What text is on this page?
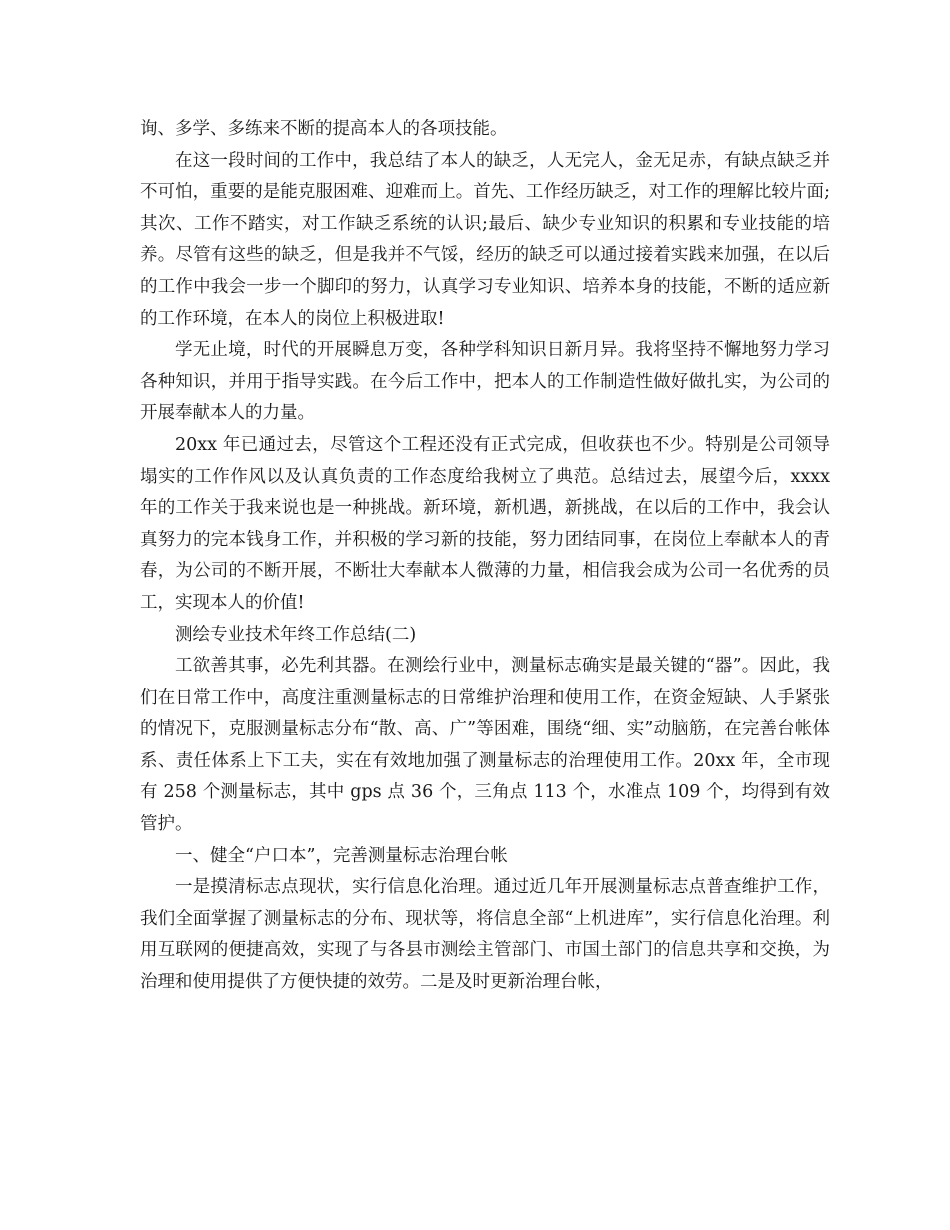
询、多学、多练来不断的提高本人的各项技能。

在这一段时间的工作中，我总结了本人的缺乏，人无完人，金无足赤，有缺点缺乏并不可怕，重要的是能克服困难、迎难而上。首先、工作经历缺乏，对工作的理解比较片面;其次、工作不踏实，对工作缺乏系统的认识;最后、缺少专业知识的积累和专业技能的培养。尽管有这些的缺乏，但是我并不气馁，经历的缺乏可以通过接着实践来加强，在以后的工作中我会一步一个脚印的努力，认真学习专业知识、培养本身的技能，不断的适应新的工作环境，在本人的岗位上积极进取!

学无止境，时代的开展瞬息万变，各种学科知识日新月异。我将坚持不懈地努力学习各种知识，并用于指导实践。在今后工作中，把本人的工作制造性做好做扎实，为公司的开展奉献本人的力量。

20xx 年已通过去，尽管这个工程还没有正式完成，但收获也不少。特别是公司领导塌实的工作作风以及认真负责的工作态度给我树立了典范。总结过去，展望今后，xxxx 年的工作关于我来说也是一种挑战。新环境，新机遇，新挑战，在以后的工作中，我会认真努力的完本钱身工作，并积极的学习新的技能，努力团结同事，在岗位上奉献本人的青春，为公司的不断开展，不断壮大奉献本人微薄的力量，相信我会成为公司一名优秀的员工，实现本人的价值!

测绘专业技术年终工作总结(二)

工欲善其事，必先利其器。在测绘行业中，测量标志确实是最关键的“器”。因此，我们在日常工作中，高度注重测量标志的日常维护治理和使用工作，在资金短缺、人手紧张的情况下，克服测量标志分布“散、高、广”等困难，围绕“细、实”动脑筋，在完善台帐体系、责任体系上下工夫，实在有效地加强了测量标志的治理使用工作。20xx 年，全市现有 258 个测量标志，其中 gps 点 36 个，三角点 113 个，水准点 109 个，均得到有效管护。

一、健全“户口本”，完善测量标志治理台帐

一是摸清标志点现状，实行信息化治理。通过近几年开展测量标志点普查维护工作，我们全面掌握了测量标志的分布、现状等，将信息全部“上机进库”，实行信息化治理。利用互联网的便捷高效，实现了与各县市测绘主管部门、市国土部门的信息共享和交换，为治理和使用提供了方便快捷的效劳。二是及时更新治理台帐，
